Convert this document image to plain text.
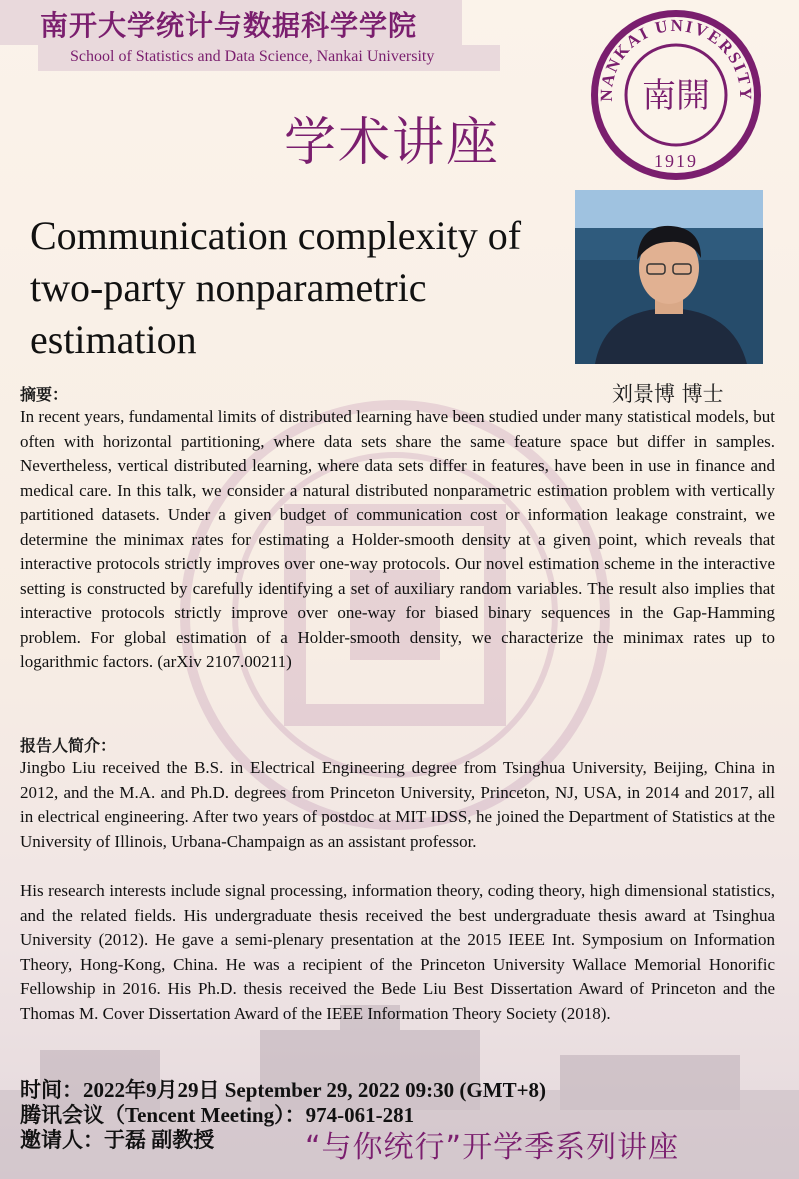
南开大学统计与数据科学学院
School of Statistics and Data Science, Nankai University
学术讲座
NANKAI UNIVERSITY
南開
1919
Communication complexity of two-party nonparametric estimation
刘景博 博士
摘要：
In recent years, fundamental limits of distributed learning have been studied under many statistical models, but often with horizontal partitioning, where data sets share the same feature space but differ in samples. Nevertheless, vertical distributed learning, where data sets differ in features, have been in use in finance and medical care. In this talk, we consider a natural distributed nonparametric estimation problem with vertically partitioned datasets. Under a given budget of communication cost or information leakage constraint, we determine the minimax rates for estimating a Holder-smooth density at a given point, which reveals that interactive protocols strictly improves over one-way protocols. Our novel estimation scheme in the interactive setting is constructed by carefully identifying a set of auxiliary random variables. The result also implies that interactive protocols strictly improve over one-way for biased binary sequences in the Gap-Hamming problem. For global estimation of a Holder-smooth density, we characterize the minimax rates up to logarithmic factors. (arXiv 2107.00211)
报告人简介：
Jingbo Liu received the B.S. in Electrical Engineering degree from Tsinghua University, Beijing, China in 2012, and the M.A. and Ph.D. degrees from Princeton University, Princeton, NJ, USA, in 2014 and 2017, all in electrical engineering. After two years of postdoc at MIT IDSS, he joined the Department of Statistics at the University of Illinois, Urbana-Champaign as an assistant professor.
His research interests include signal processing, information theory, coding theory, high dimensional statistics, and the related fields. His undergraduate thesis received the best undergraduate thesis award at Tsinghua University (2012). He gave a semi-plenary presentation at the 2015 IEEE Int. Symposium on Information Theory, Hong-Kong, China. He was a recipient of the Princeton University Wallace Memorial Honorific Fellowship in 2016. His Ph.D. thesis received the Bede Liu Best Dissertation Award of Princeton and the Thomas M. Cover Dissertation Award of the IEEE Information Theory Society (2018).
时间：2022年9月29日 September 29, 2022 09:30 (GMT+8)
腾讯会议（Tencent Meeting）：974-061-281
邀请人：于磊 副教授	“与你统行”开学季系列讲座
